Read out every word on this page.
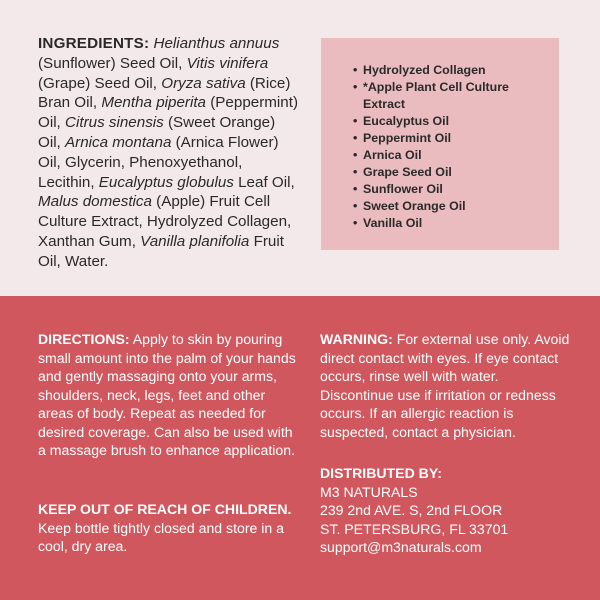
INGREDIENTS: Helianthus annuus (Sunflower) Seed Oil, Vitis vinifera (Grape) Seed Oil, Oryza sativa (Rice) Bran Oil, Mentha piperita (Peppermint) Oil, Citrus sinensis (Sweet Orange) Oil, Arnica montana (Arnica Flower) Oil, Glycerin, Phenoxyethanol, Lecithin, Eucalyptus globulus Leaf Oil, Malus domestica (Apple) Fruit Cell Culture Extract, Hydrolyzed Collagen, Xanthan Gum, Vanilla planifolia Fruit Oil, Water.
• Hydrolyzed Collagen
• *Apple Plant Cell Culture Extract
• Eucalyptus Oil
• Peppermint Oil
• Arnica Oil
• Grape Seed Oil
• Sunflower Oil
• Sweet Orange Oil
• Vanilla Oil
DIRECTIONS: Apply to skin by pouring small amount into the palm of your hands and gently massaging onto your arms, shoulders, neck, legs, feet and other areas of body. Repeat as needed for desired coverage. Can also be used with a massage brush to enhance application.
KEEP OUT OF REACH OF CHILDREN. Keep bottle tightly closed and store in a cool, dry area.
WARNING: For external use only. Avoid direct contact with eyes. If eye contact occurs, rinse well with water. Discontinue use if irritation or redness occurs. If an allergic reaction is suspected, contact a physician.
DISTRIBUTED BY:
M3 NATURALS
239 2nd AVE. S, 2nd FLOOR
ST. PETERSBURG, FL 33701
support@m3naturals.com
